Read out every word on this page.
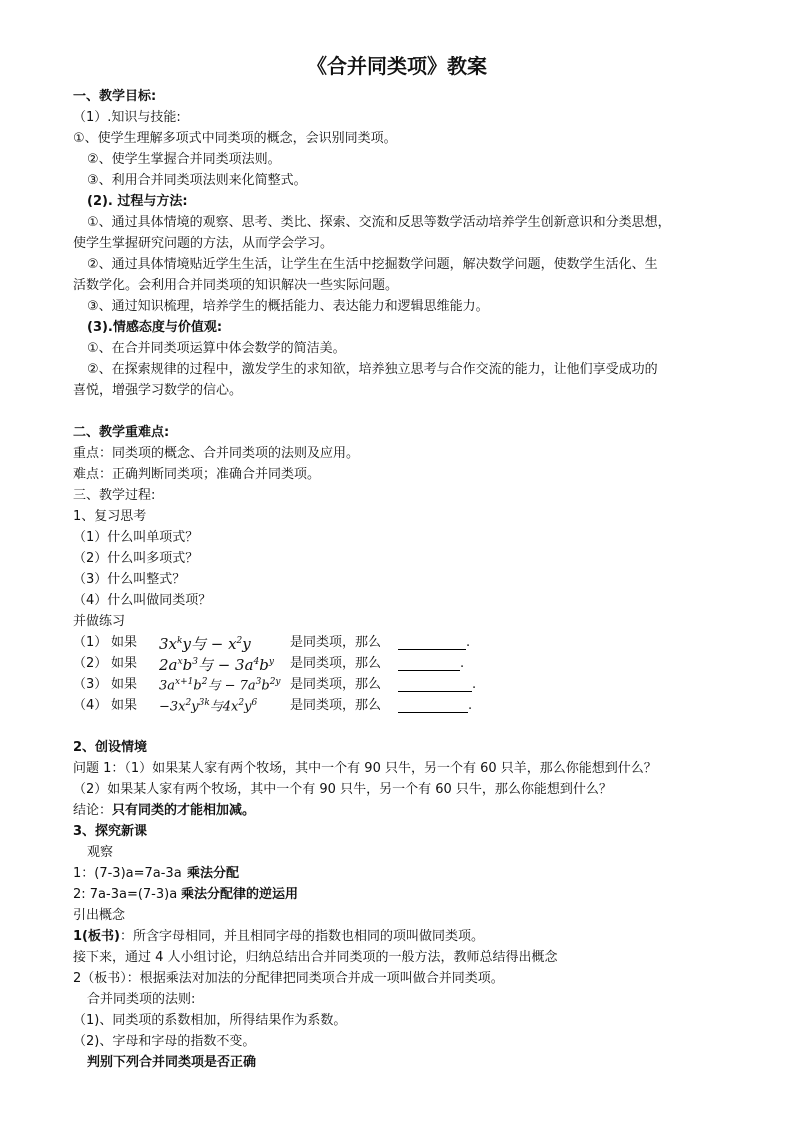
《合并同类项》教案
一、教学目标:
（1）.知识与技能:
①、使学生理解多项式中同类项的概念，会识别同类项。
②、使学生掌握合并同类项法则。
③、利用合并同类项法则来化简整式。
(2). 过程与方法:
①、通过具体情境的观察、思考、类比、探索、交流和反思等数学活动培养学生创新意识和分类思想，
使学生掌握研究问题的方法，从而学会学习。
②、通过具体情境贴近学生生活，让学生在生活中挖掘数学问题，解决数学问题，使数学生活化、生
活数学化。会利用合并同类项的知识解决一些实际问题。
③、通过知识梳理，培养学生的概括能力、表达能力和逻辑思维能力。
(3).情感态度与价值观:
①、在合并同类项运算中体会数学的简洁美。
②、在探索规律的过程中，激发学生的求知欲，培养独立思考与合作交流的能力，让他们享受成功的
喜悦，增强学习数学的信心。
二、教学重难点:
重点：同类项的概念、合并同类项的法则及应用。
难点：正确判断同类项；准确合并同类项。
三、教学过程:
1、复习思考
（1）什么叫单项式？
（2）什么叫多项式？
（3）什么叫整式？
（4）什么叫做同类项？
并做练习
（1） 如果	$3x^ky$与 − $x^2y$	是同类项，那么	.
（2） 如果	$2a^xb^3$与 − $3a^4b^y$	是同类项，那么	.
（3） 如果	$3a^{x+1}b^2$与 − $7a^3b^{2y}$ 是同类项，那么	.
（4） 如果	$-3x^2y^{3k}$与$4x^2y^6$	是同类项，那么	.
2、创设情境
问题 1：（1）如果某人家有两个牧场，其中一个有 90 只牛，另一个有 60 只羊，那么你能想到什么？
（2）如果某人家有两个牧场，其中一个有 90 只牛，另一个有 60 只牛，那么你能想到什么？
结论：只有同类的才能相加减。
3、探究新课
观察
1：(7-3)a=7a-3a 乘法分配
2: 7a-3a=(7-3)a 乘法分配律的逆运用
引出概念
1(板书)：所含字母相同，并且相同字母的指数也相同的项叫做同类项。
接下来，通过 4 人小组讨论，归纳总结出合并同类项的一般方法，教师总结得出概念
2（板书）：根据乘法对加法的分配律把同类项合并成一项叫做合并同类项。
合并同类项的法则:
（1)、同类项的系数相加，所得结果作为系数。
（2)、字母和字母的指数不变。
判别下列合并同类项是否正确
